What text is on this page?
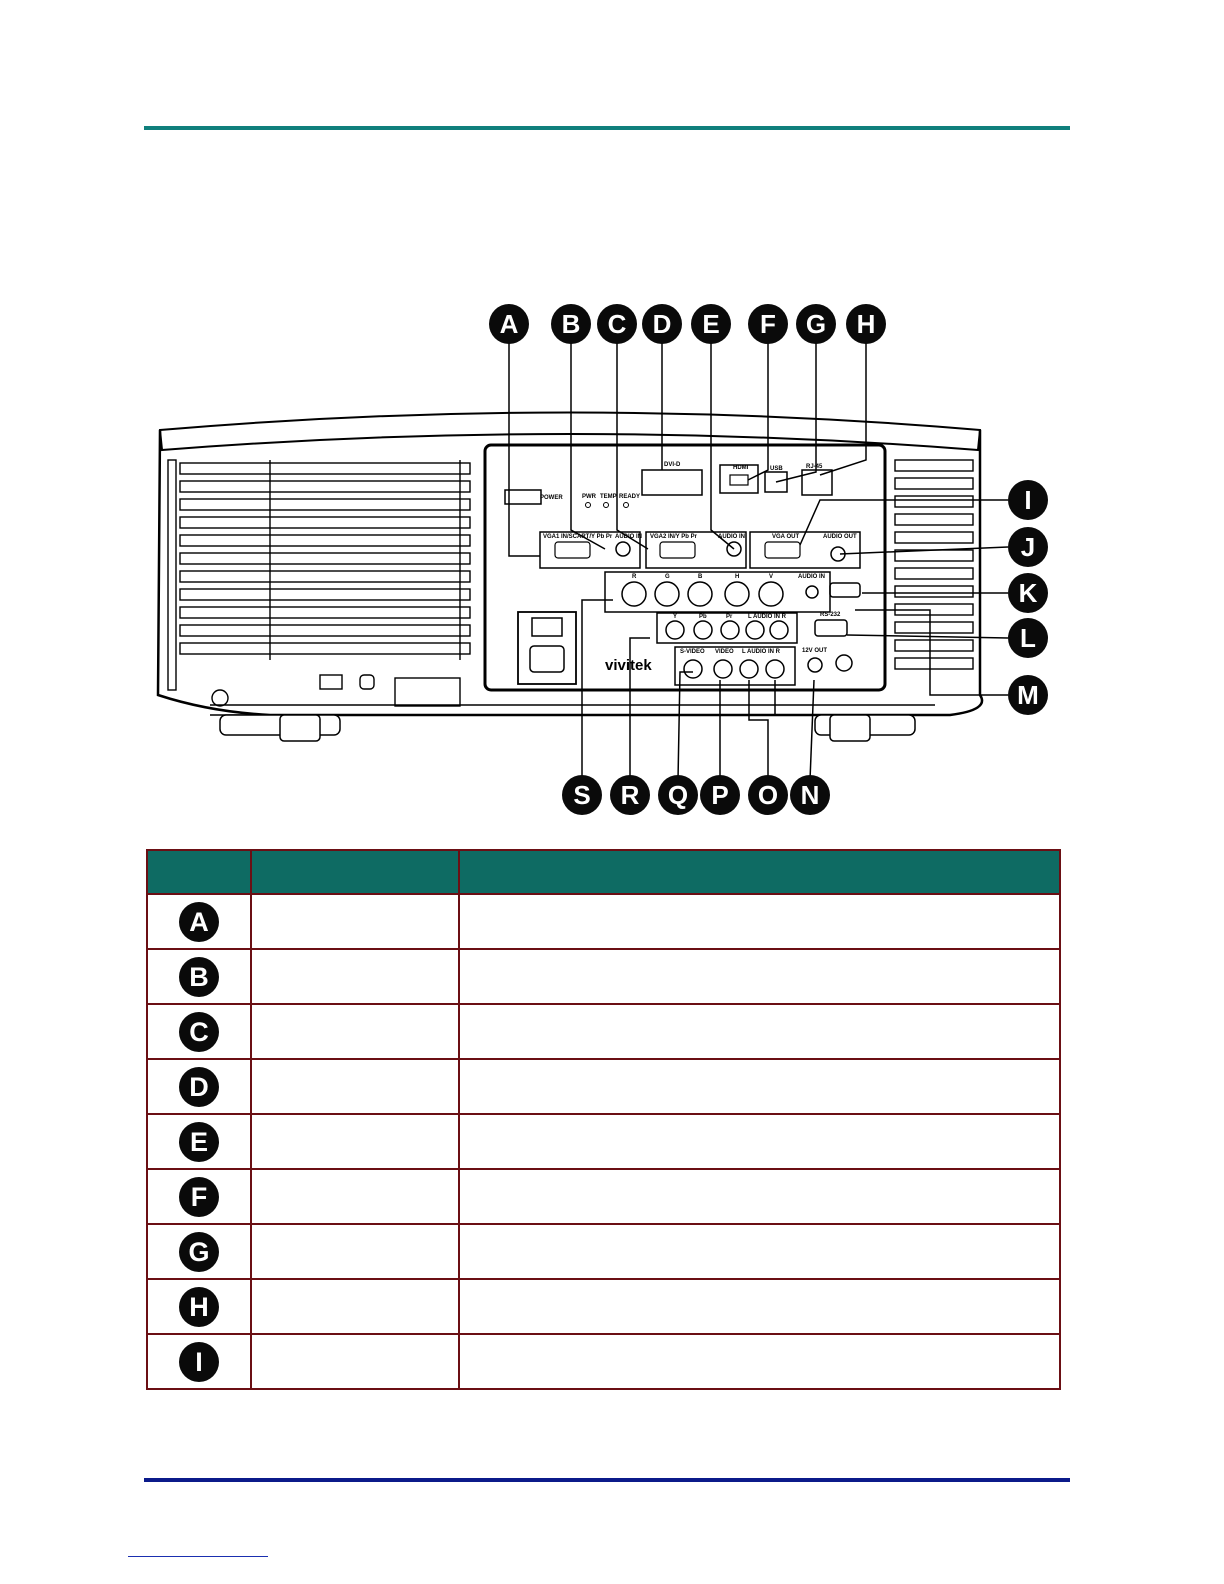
POWER	PWR TEMP READY
DVI-D	HDMI	USB	RJ-45
VGA1 IN/SCART/Y Pb Pr AUDIO IN VGA2 IN/Y Pb Pr	AUDIO IN	VGA OUT	AUDIO OUT
R	G	B	H	V	AUDIO IN
Y	Pb	Pr	L AUDIO IN R	RS-232
S-VIDEO VIDEO L AUDIO IN R	12V OUT
vivitek
A B C D E F G H
I
J
K
L
M
S R Q P O N

A		
B		
C		
D		
E		
F		
G		
H		
I		
